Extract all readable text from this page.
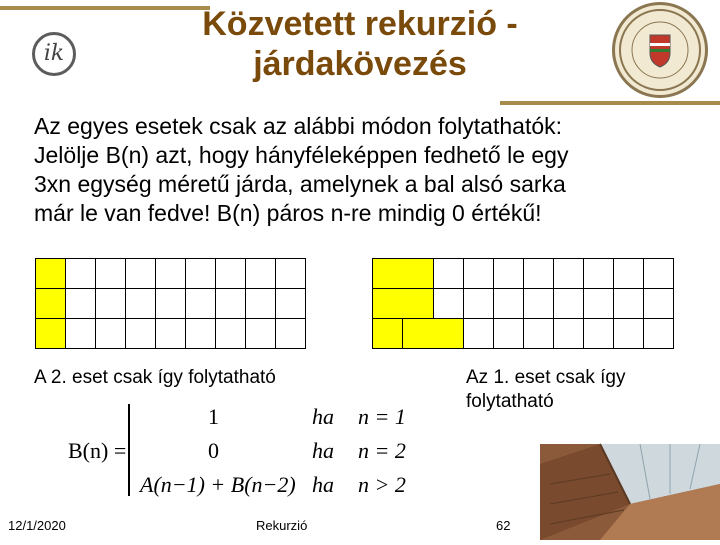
ik
Közvetett rekurzió -
járdakövezés
Az egyes esetek csak az alábbi módon folytathatók:
Jelölje B(n) azt, hogy hányféleképpen fedhető le egy
3xn egység méretű járda, amelynek a bal alsó sarka
már le van fedve! B(n) páros n-re mindig 0 értékű!

A 2. eset csak így folytatható	Az 1. eset csak így folytatható
B(n) =
1	ha n = 1
0	ha n = 2
A(n−1) + B(n−2) ha n > 2
12/1/2020	Rekurzió	62
